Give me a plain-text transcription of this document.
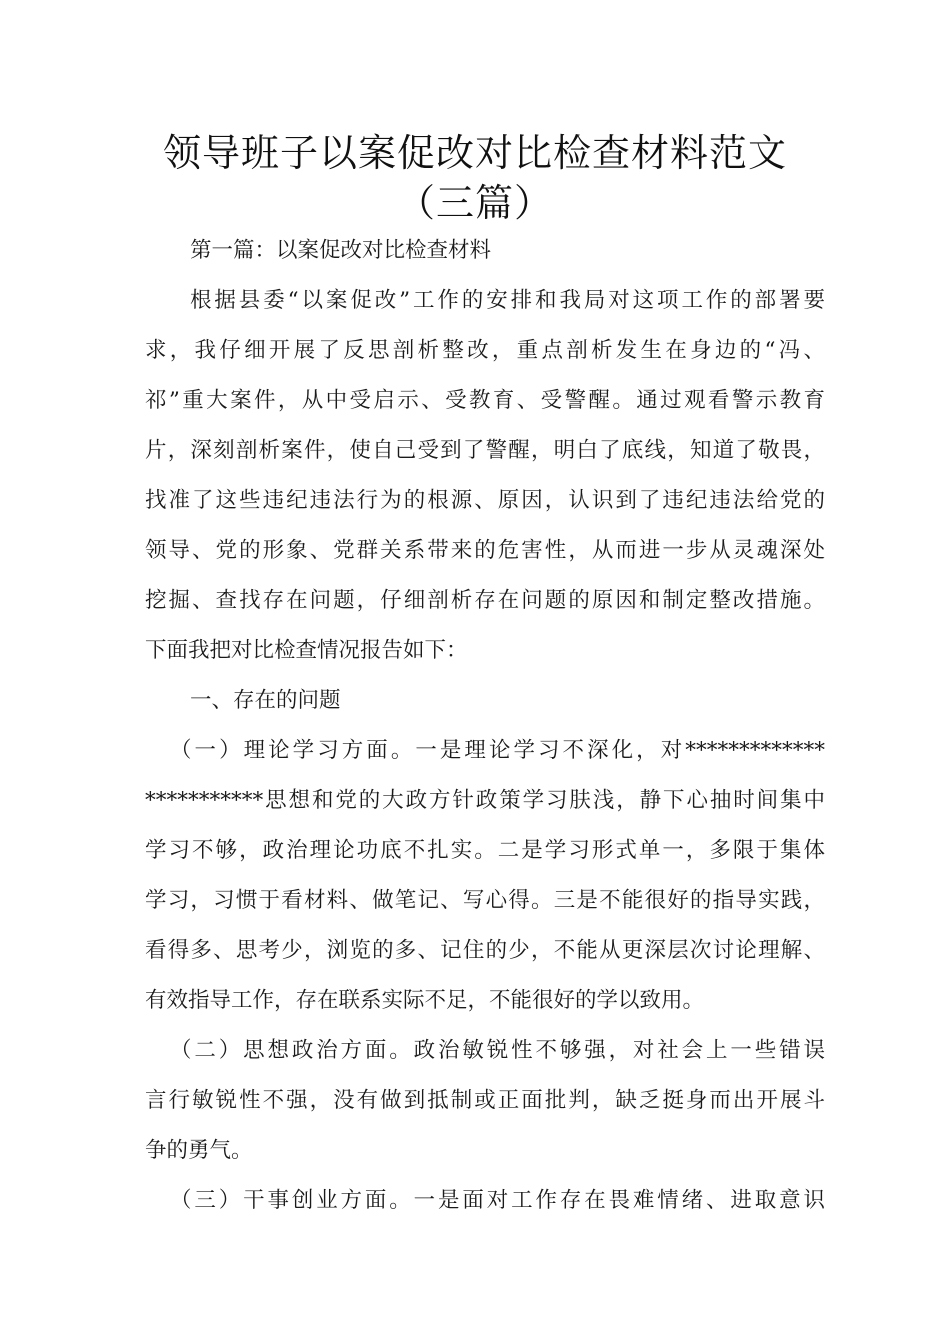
领导班子以案促改对比检查材料范文
（三篇）
第一篇：以案促改对比检查材料
根据县委“以案促改”工作的安排和我局对这项工作的部署要
求，我仔细开展了反思剖析整改，重点剖析发生在身边的“冯、
祁”重大案件，从中受启示、受教育、受警醒。通过观看警示教育
片，深刻剖析案件，使自己受到了警醒，明白了底线，知道了敬畏，
找准了这些违纪违法行为的根源、原因，认识到了违纪违法给党的
领导、党的形象、党群关系带来的危害性，从而进一步从灵魂深处
挖掘、查找存在问题，仔细剖析存在问题的原因和制定整改措施。
下面我把对比检查情况报告如下：
一、存在的问题
（一）理论学习方面。一是理论学习不深化，对*************
***********思想和党的大政方针政策学习肤浅，静下心抽时间集中
学习不够，政治理论功底不扎实。二是学习形式单一，多限于集体
学习，习惯于看材料、做笔记、写心得。三是不能很好的指导实践，
看得多、思考少，浏览的多、记住的少，不能从更深层次讨论理解、
有效指导工作，存在联系实际不足，不能很好的学以致用。
（二）思想政治方面。政治敏锐性不够强，对社会上一些错误
言行敏锐性不强，没有做到抵制或正面批判，缺乏挺身而出开展斗
争的勇气。
（三）干事创业方面。一是面对工作存在畏难情绪、进取意识
